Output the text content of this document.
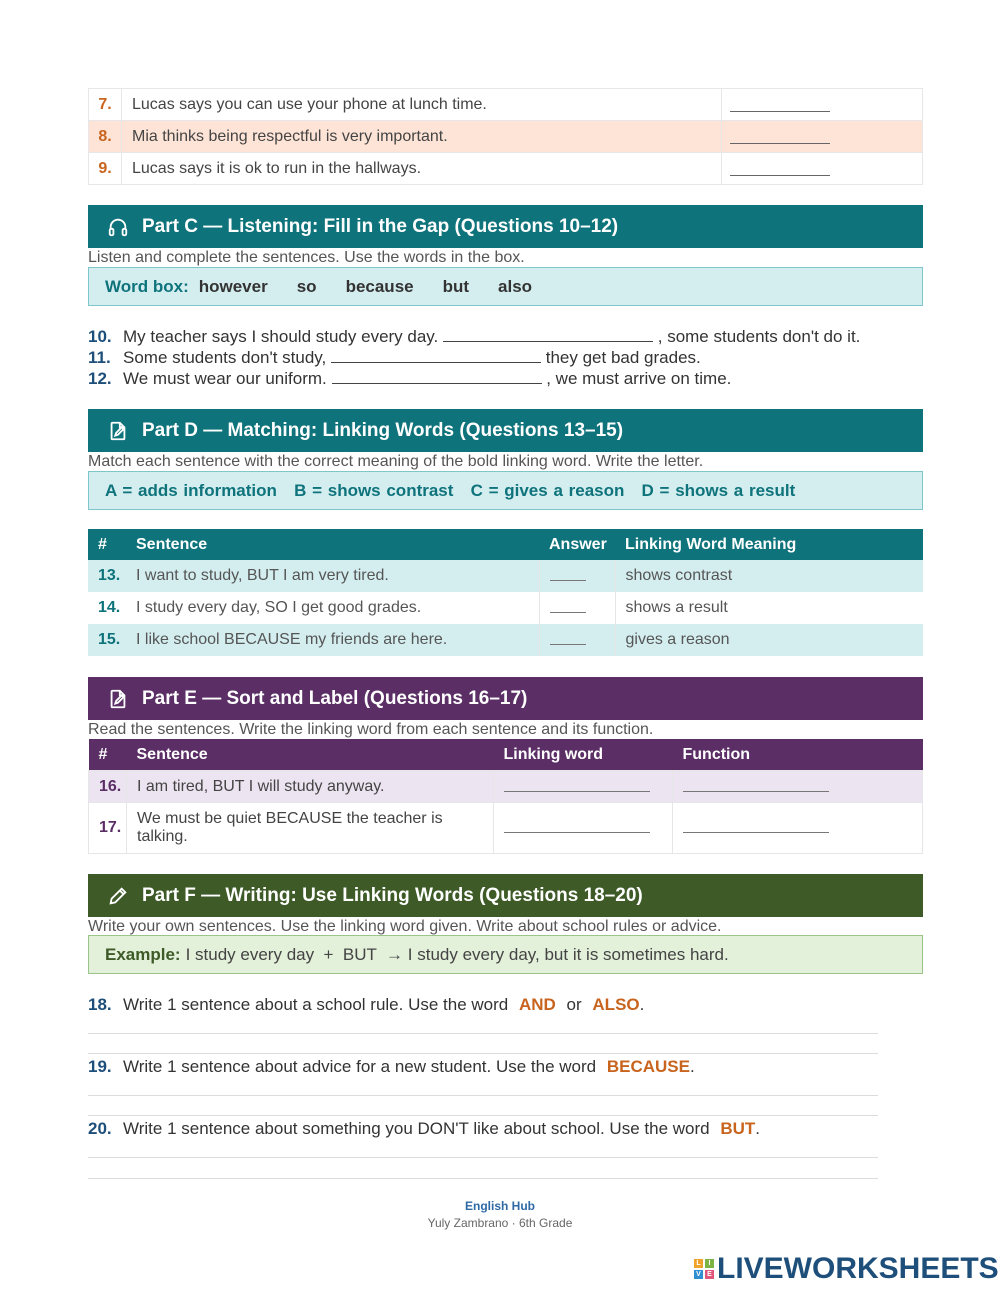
7.	Lucas says you can use your phone at lunch time.	
8.	Mia thinks being respectful is very important.	
9.	Lucas says it is ok to run in the hallways.	
Part C — Listening: Fill in the Gap (Questions 10–12)
Listen and complete the sentences. Use the words in the box.
Word box: however so because but also
10. My teacher says I should study every day.	, some students don't do it.
11. Some students don't study,	they get bad grades.
12. We must wear our uniform.	, we must arrive on time.
Part D — Matching: Linking Words (Questions 13–15)
Match each sentence with the correct meaning of the bold linking word. Write the letter.
A = adds information   B = shows contrast   C = gives a reason   D = shows a result
#	Sentence	Answer	Linking Word Meaning
13.	I want to study, BUT I am very tired.		shows contrast
14.	I study every day, SO I get good grades.		shows a result
15.	I like school BECAUSE my friends are here.		gives a reason
Part E — Sort and Label (Questions 16–17)
Read the sentences. Write the linking word from each sentence and its function.
#	Sentence	Linking word	Function
16.	I am tired, BUT I will study anyway.		
17.	We must be quiet BECAUSE the teacher is talking.		
Part F — Writing: Use Linking Words (Questions 18–20)
Write your own sentences. Use the linking word given. Write about school rules or advice.
Example: I study every day  +  BUT  → I study every day, but it is sometimes hard.
18. Write 1 sentence about a school rule. Use the word AND or ALSO.
19. Write 1 sentence about advice for a new student. Use the word BECAUSE.
20. Write 1 sentence about something you DON'T like about school. Use the word BUT.
English Hub
Yuly Zambrano · 6th Grade
L	I
V E LIVEWORKSHEETS
